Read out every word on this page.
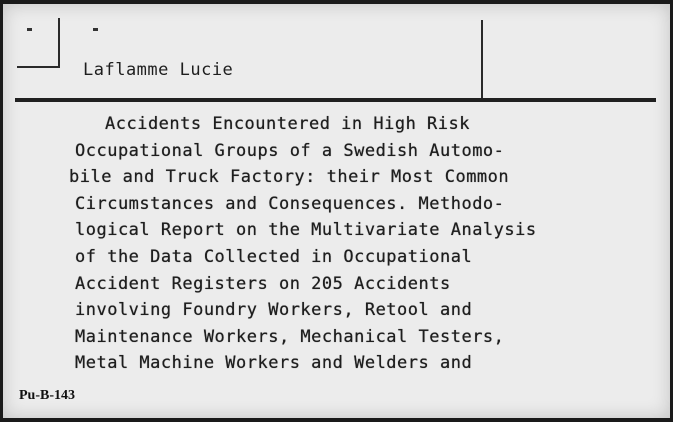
Laflamme Lucie
Accidents Encountered in High Risk
Occupational Groups of a Swedish Automo-
bile and Truck Factory: their Most Common
Circumstances and Consequences. Methodo-
logical Report on the Multivariate Analysis
of the Data Collected in Occupational
Accident Registers on 205 Accidents
involving Foundry Workers, Retool and
Maintenance Workers, Mechanical Testers,
Metal Machine Workers and Welders and
Pu-B-143
